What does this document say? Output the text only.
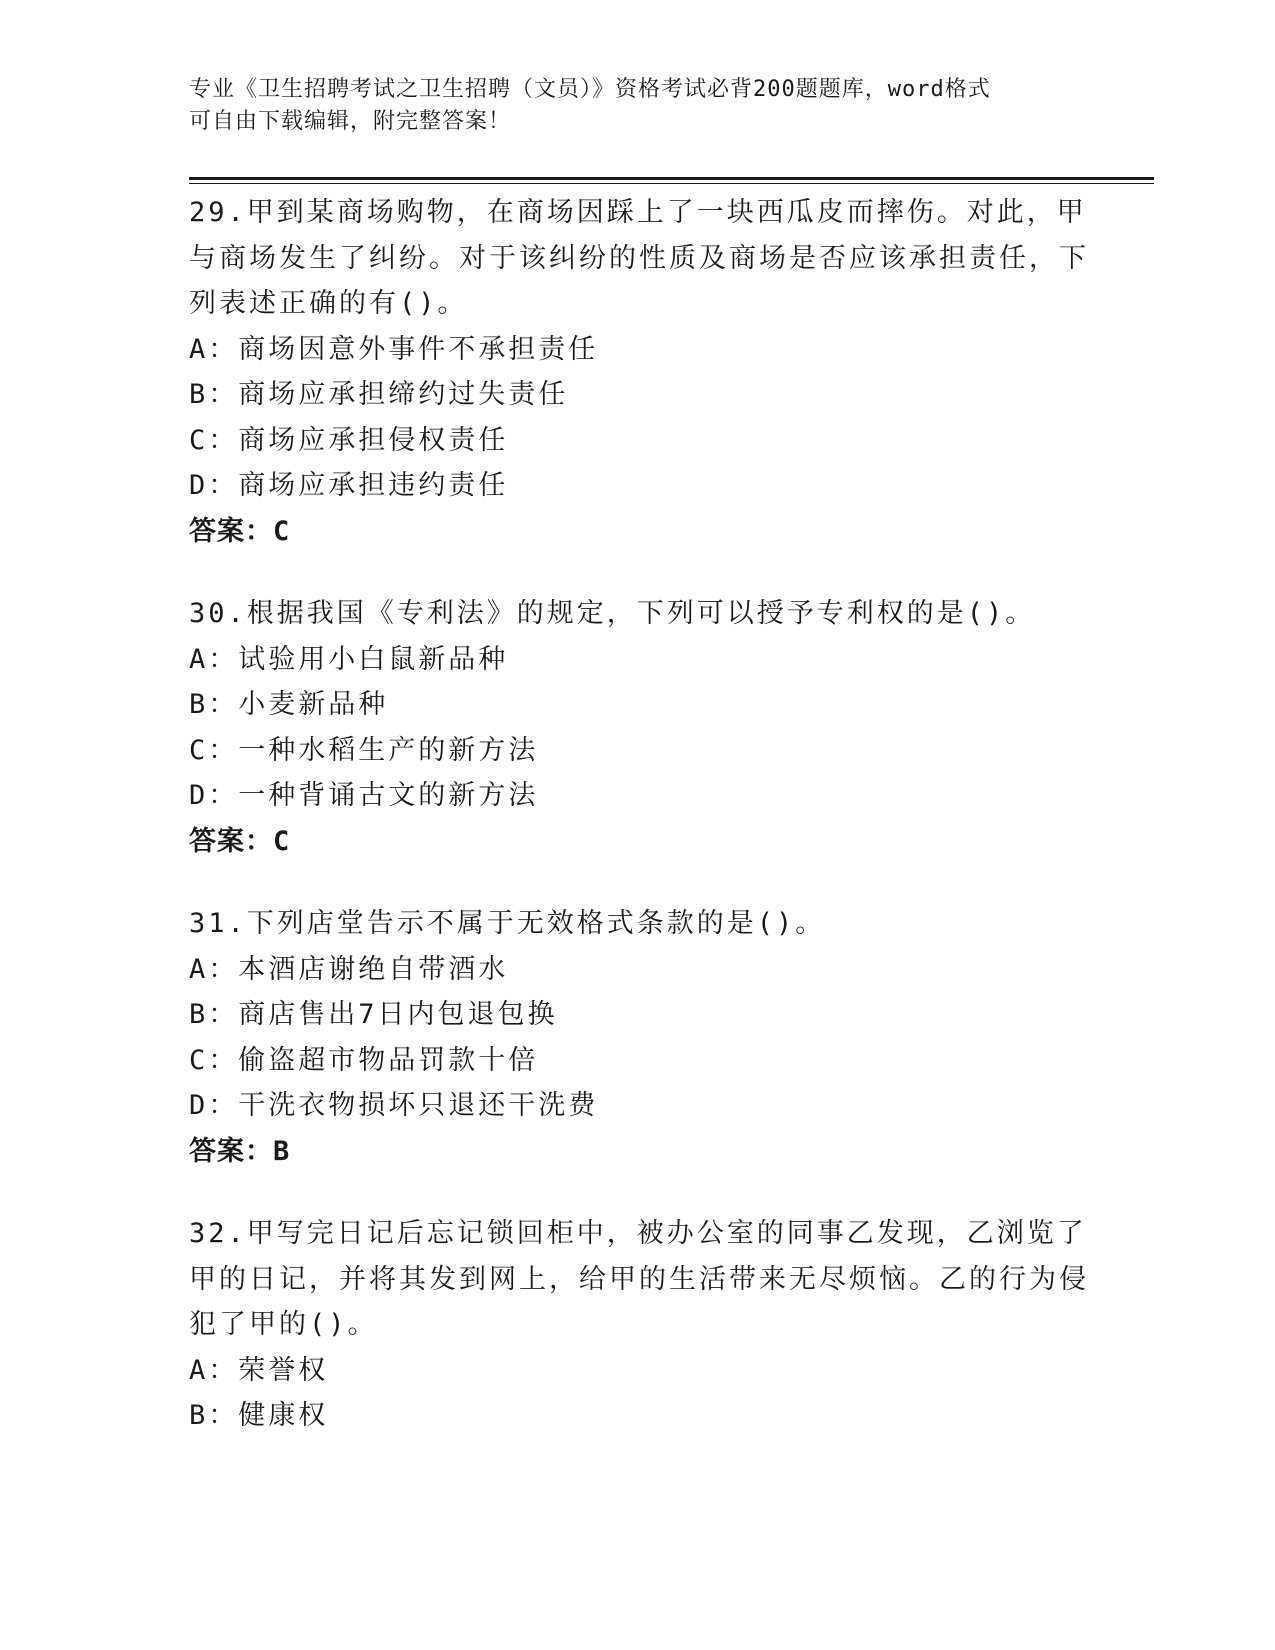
专业《卫生招聘考试之卫生招聘（文员）》资格考试必背200题题库，word格式
可自由下载编辑，附完整答案！

29.甲到某商场购物，在商场因踩上了一块西瓜皮而摔伤。对此，甲与商场发生了纠纷。对于该纠纷的性质及商场是否应该承担责任，下列表述正确的有()。

A：商场因意外事件不承担责任

B：商场应承担缔约过失责任

C：商场应承担侵权责任

D：商场应承担违约责任

答案：C

30.根据我国《专利法》的规定，下列可以授予专利权的是()。

A：试验用小白鼠新品种

B：小麦新品种

C：一种水稻生产的新方法

D：一种背诵古文的新方法

答案：C

31.下列店堂告示不属于无效格式条款的是()。

A：本酒店谢绝自带酒水

B：商店售出7日内包退包换

C：偷盗超市物品罚款十倍

D：干洗衣物损坏只退还干洗费

答案：B

32.甲写完日记后忘记锁回柜中，被办公室的同事乙发现，乙浏览了甲的日记，并将其发到网上，给甲的生活带来无尽烦恼。乙的行为侵犯了甲的()。

A：荣誉权

B：健康权
